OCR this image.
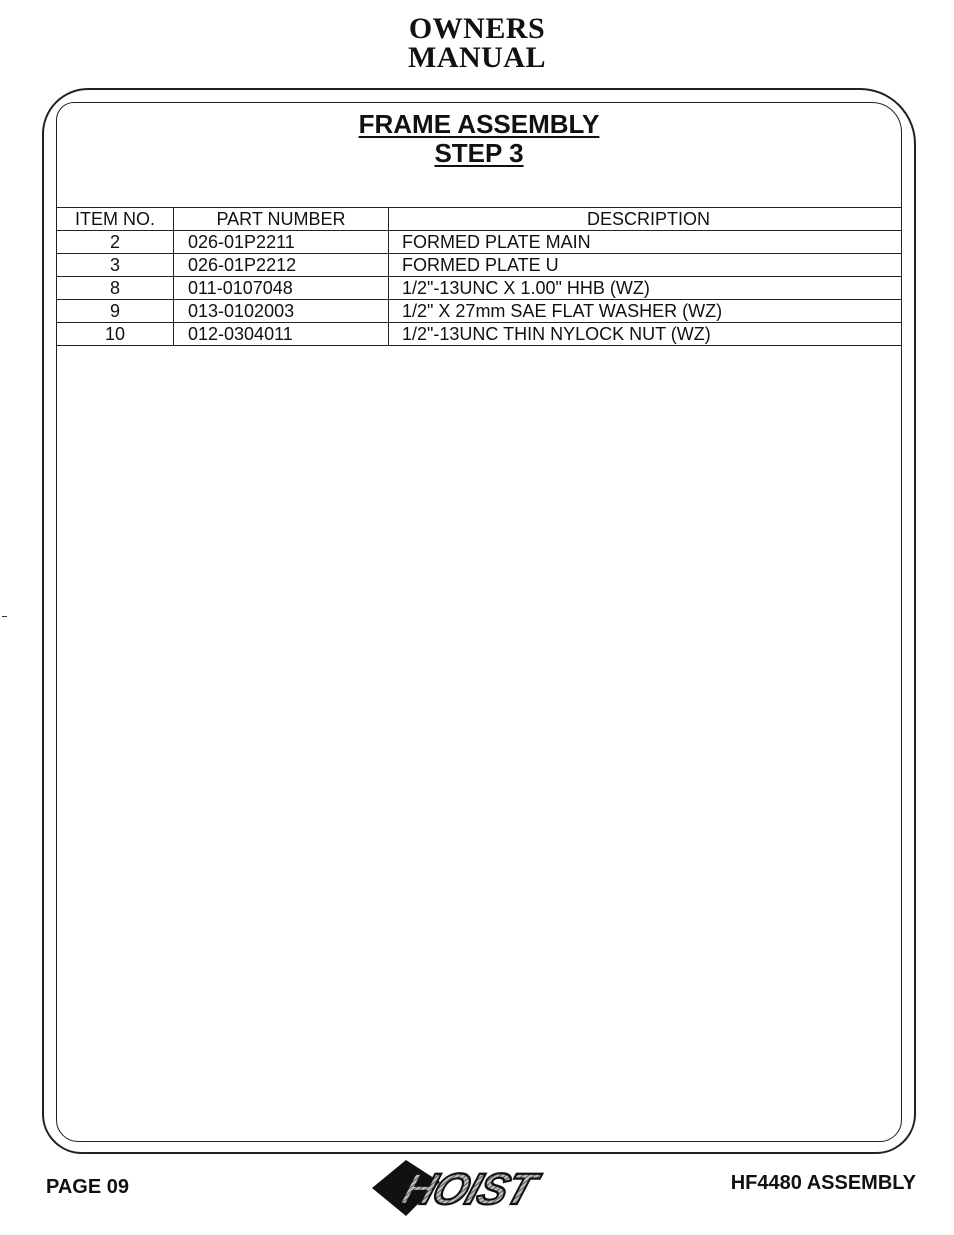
OWNERS
MANUAL
FRAME ASSEMBLY
STEP 3
ITEM NO.	PART NUMBER	DESCRIPTION
2	026-01P2211	FORMED PLATE MAIN
3	026-01P2212	FORMED PLATE U
8	011-0107048	1/2"-13UNC X 1.00" HHB (WZ)
9	013-0102003	1/2" X 27mm SAE FLAT WASHER (WZ)
10	012-0304011	1/2"-13UNC THIN NYLOCK NUT (WZ)
PAGE 09	HOIST	HF4480 ASSEMBLY
